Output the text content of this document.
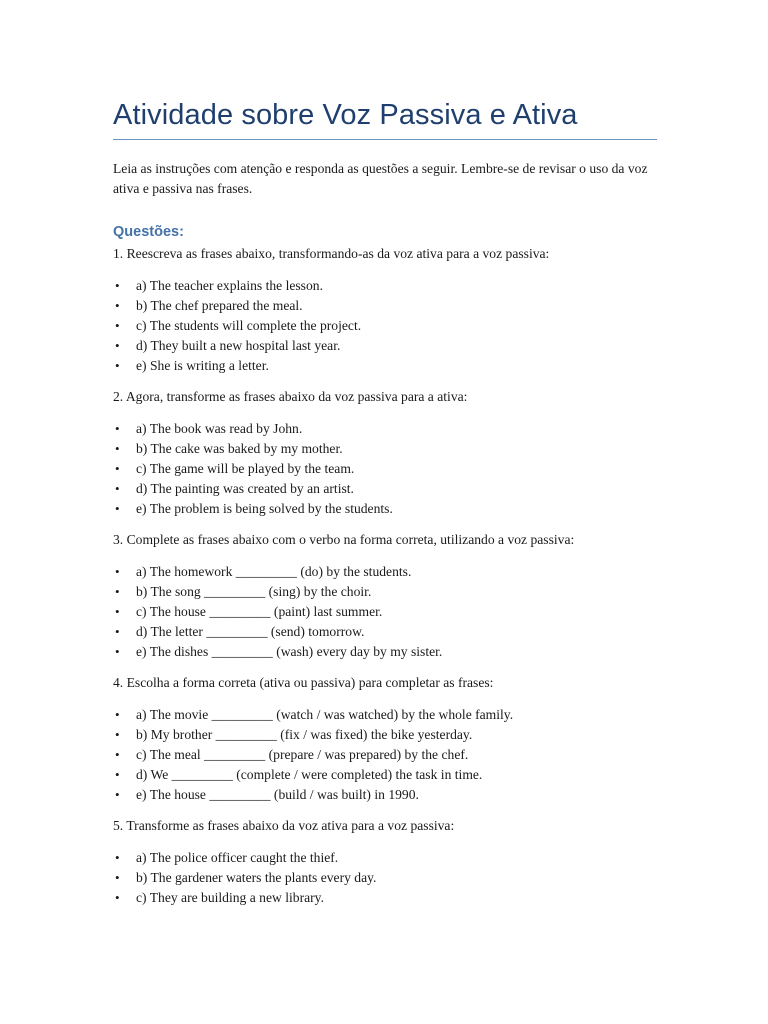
Atividade sobre Voz Passiva e Ativa

Leia as instruções com atenção e responda as questões a seguir. Lembre-se de revisar o uso da voz ativa e passiva nas frases.

Questões:

1. Reescreva as frases abaixo, transformando-as da voz ativa para a voz passiva:

• a) The teacher explains the lesson.
• b) The chef prepared the meal.
• c) The students will complete the project.
• d) They built a new hospital last year.
• e) She is writing a letter.

2. Agora, transforme as frases abaixo da voz passiva para a ativa:

• a) The book was read by John.
• b) The cake was baked by my mother.
• c) The game will be played by the team.
• d) The painting was created by an artist.
• e) The problem is being solved by the students.

3. Complete as frases abaixo com o verbo na forma correta, utilizando a voz passiva:

• a) The homework _________ (do) by the students.
• b) The song _________ (sing) by the choir.
• c) The house _________ (paint) last summer.
• d) The letter _________ (send) tomorrow.
• e) The dishes _________ (wash) every day by my sister.

4. Escolha a forma correta (ativa ou passiva) para completar as frases:

• a) The movie _________ (watch / was watched) by the whole family.
• b) My brother _________ (fix / was fixed) the bike yesterday.
• c) The meal _________ (prepare / was prepared) by the chef.
• d) We _________ (complete / were completed) the task in time.
• e) The house _________ (build / was built) in 1990.

5. Transforme as frases abaixo da voz ativa para a voz passiva:

• a) The police officer caught the thief.
• b) The gardener waters the plants every day.
• c) They are building a new library.
